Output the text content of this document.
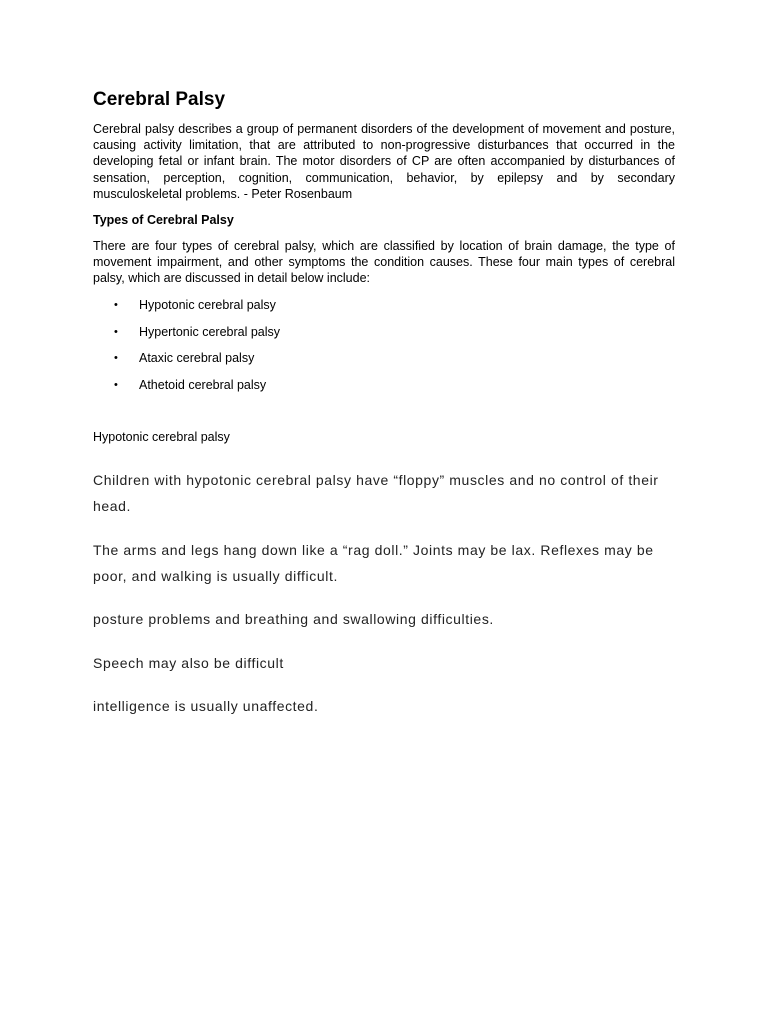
Cerebral Palsy

Cerebral palsy describes a group of permanent disorders of the development of movement and posture, causing activity limitation, that are attributed to non-progressive disturbances that occurred in the developing fetal or infant brain. The motor disorders of CP are often accompanied by disturbances of sensation, perception, cognition, communication, behavior, by epilepsy and by secondary musculoskeletal problems. - Peter Rosenbaum

Types of Cerebral Palsy

There are four types of cerebral palsy, which are classified by location of brain damage, the type of movement impairment, and other symptoms the condition causes. These four main types of cerebral palsy, which are discussed in detail below include:

• Hypotonic cerebral palsy
• Hypertonic cerebral palsy
• Ataxic cerebral palsy
• Athetoid cerebral palsy

Hypotonic cerebral palsy

Children with hypotonic cerebral palsy have “floppy” muscles and no control of their head.

The arms and legs hang down like a “rag doll.” Joints may be lax. Reflexes may be poor, and walking is usually difficult.

posture problems and breathing and swallowing difficulties.

Speech may also be difficult

intelligence is usually unaffected.
